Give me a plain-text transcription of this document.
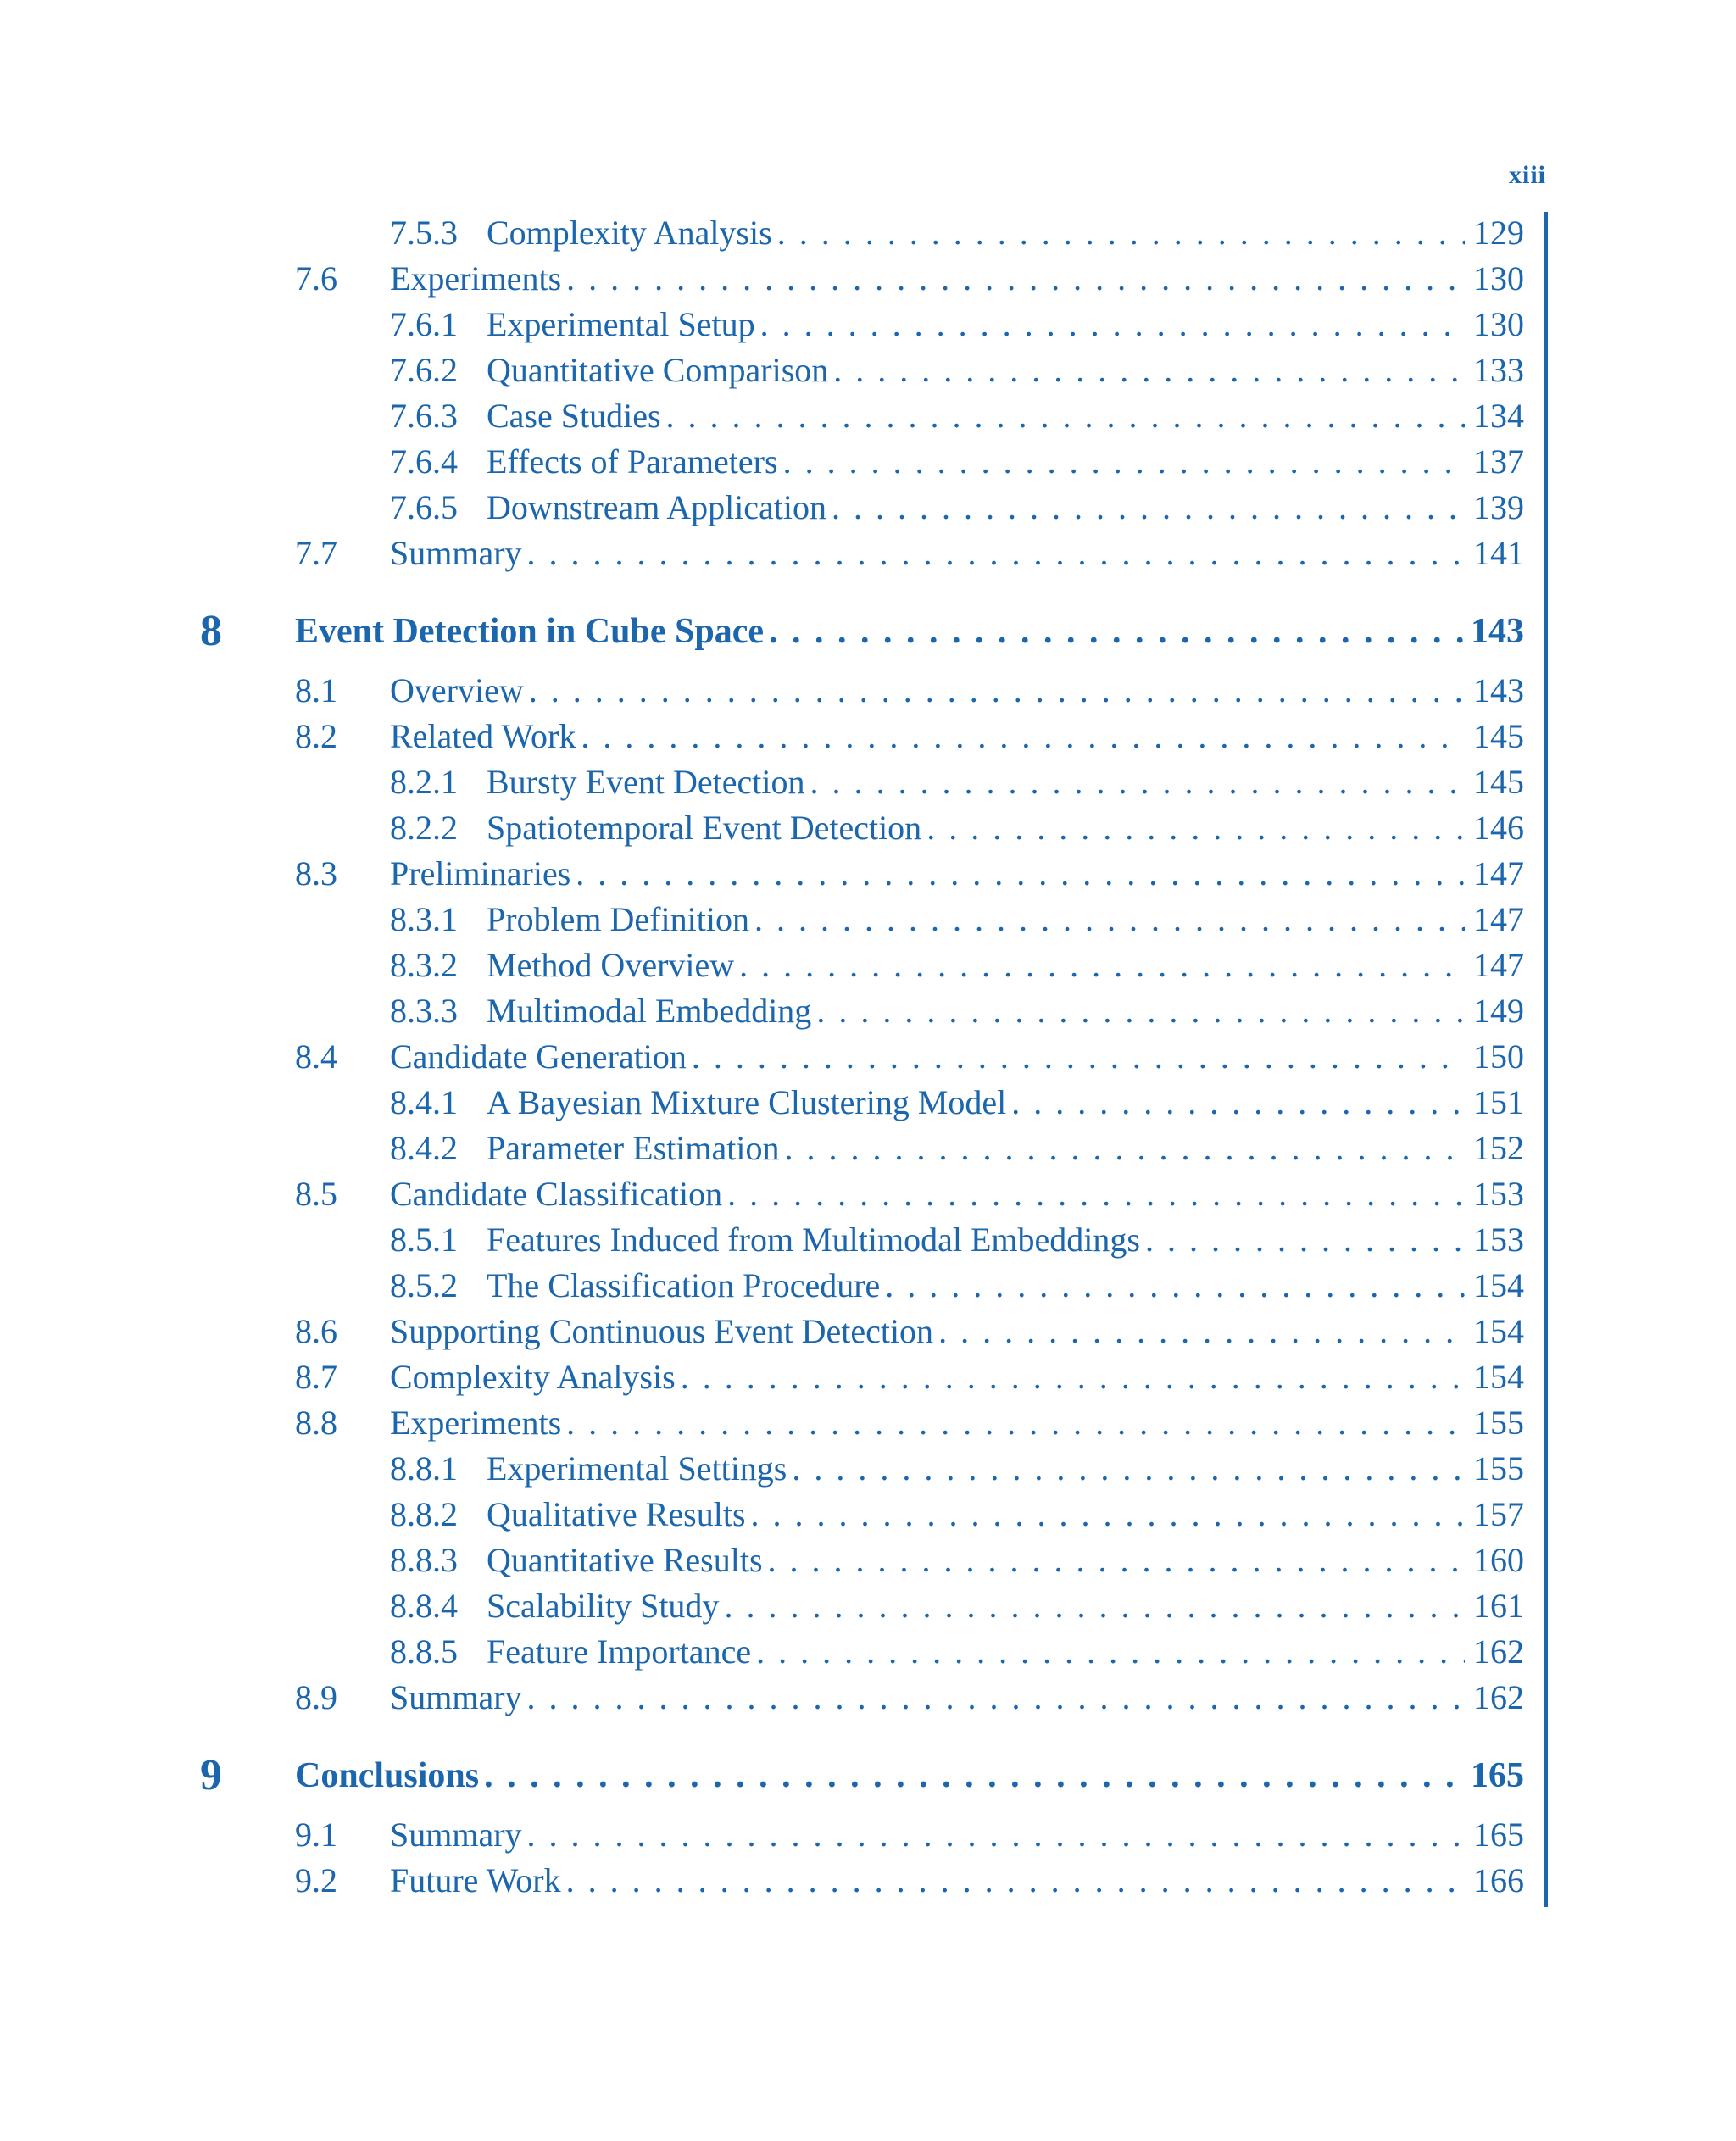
xiii
7.5.3 Complexity Analysis . . .	129
7.6 Experiments . . .	130
7.6.1 Experimental Setup . . .	130
7.6.2 Quantitative Comparison . . .	133
7.6.3 Case Studies . . .	134
7.6.4 Effects of Parameters . . .	137
7.6.5 Downstream Application . . .	139
7.7 Summary . . .	141
8 Event Detection in Cube Space . . .	143
8.1 Overview . . .	143
8.2 Related Work . . .	145
8.2.1 Bursty Event Detection . . .	145
8.2.2 Spatiotemporal Event Detection . . .	146
8.3 Preliminaries . . .	147
8.3.1 Problem Definition . . .	147
8.3.2 Method Overview . . .	147
8.3.3 Multimodal Embedding . . .	149
8.4 Candidate Generation . . .	150
8.4.1 A Bayesian Mixture Clustering Model . . .	151
8.4.2 Parameter Estimation . . .	152
8.5 Candidate Classification . . .	153
8.5.1 Features Induced from Multimodal Embeddings . . .	153
8.5.2 The Classification Procedure . . .	154
8.6 Supporting Continuous Event Detection . . .	154
8.7 Complexity Analysis . . .	154
8.8 Experiments . . .	155
8.8.1 Experimental Settings . . .	155
8.8.2 Qualitative Results . . .	157
8.8.3 Quantitative Results . . .	160
8.8.4 Scalability Study . . .	161
8.8.5 Feature Importance . . .	162
8.9 Summary . . .	162
9 Conclusions . . .	165
9.1 Summary . . .	165
9.2 Future Work . . .	166
